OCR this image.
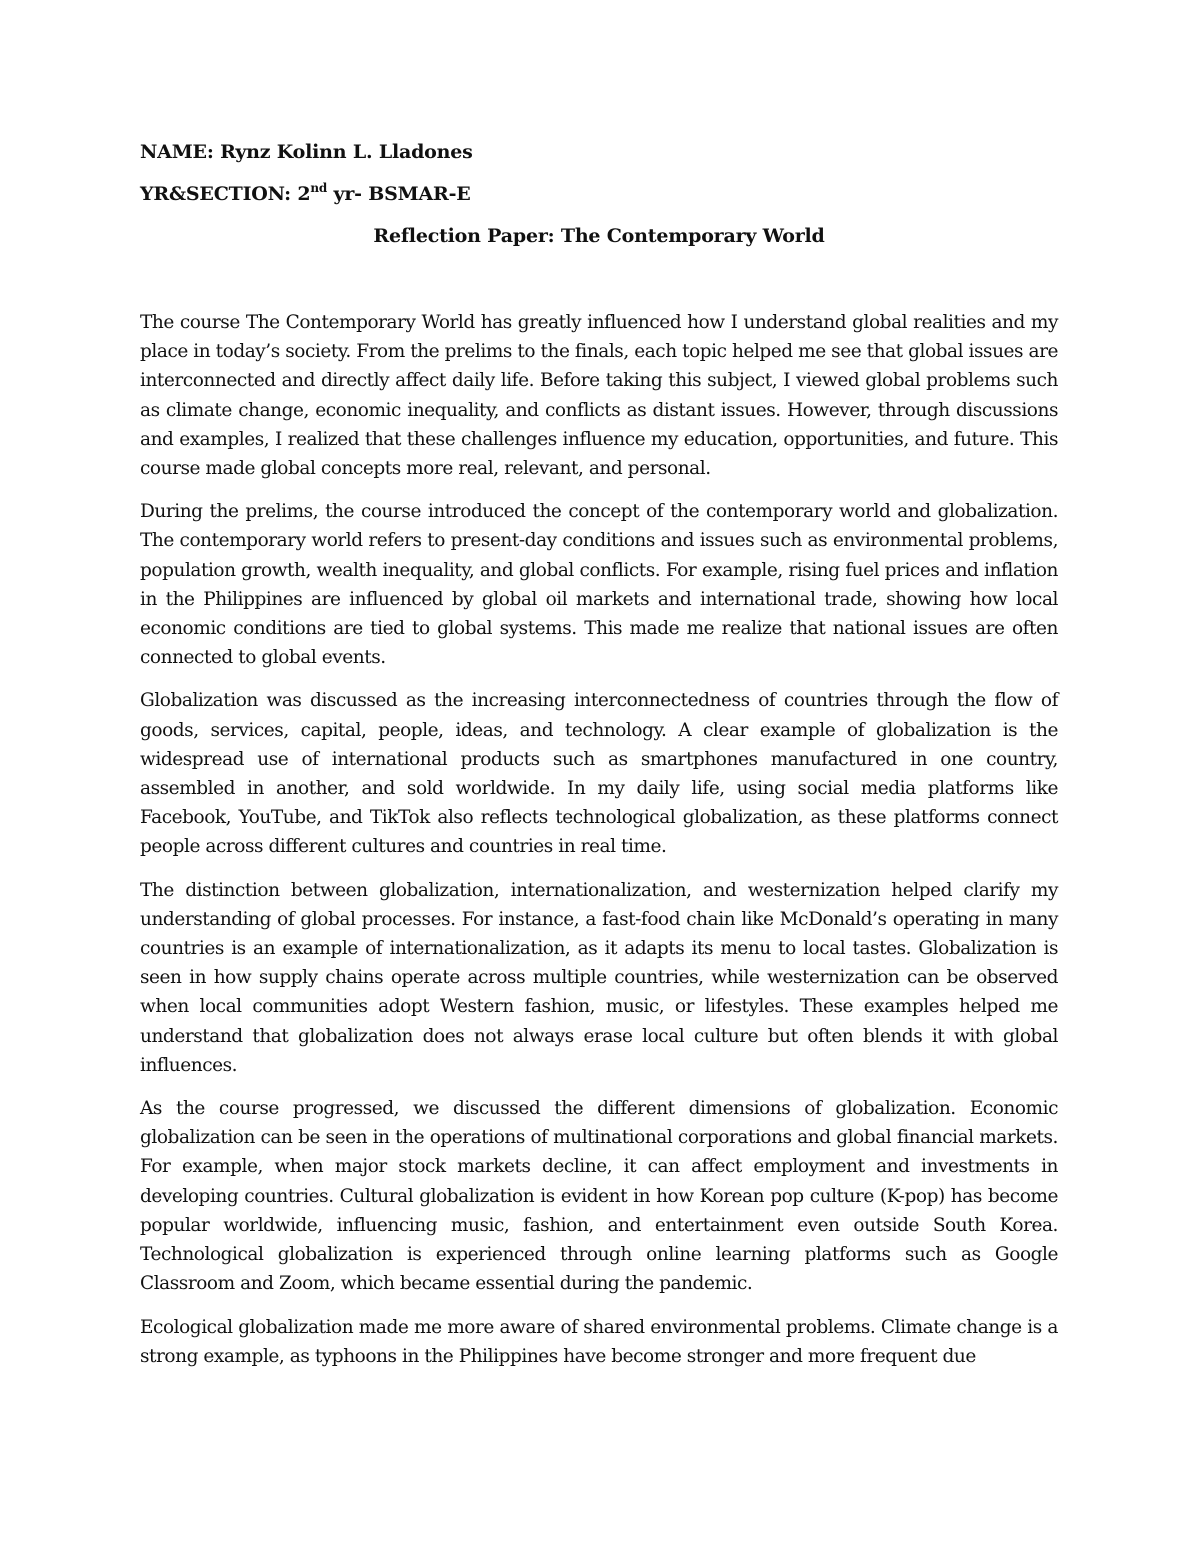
NAME: Rynz Kolinn L. Lladones

YR&SECTION: 2nd yr- BSMAR-E

Reflection Paper: The Contemporary World

The course The Contemporary World has greatly influenced how I understand global realities and my place in today’s society. From the prelims to the finals, each topic helped me see that global issues are interconnected and directly affect daily life. Before taking this subject, I viewed global problems such as climate change, economic inequality, and conflicts as distant issues. However, through discussions and examples, I realized that these challenges influence my education, opportunities, and future. This course made global concepts more real, relevant, and personal.

During the prelims, the course introduced the concept of the contemporary world and globalization. The contemporary world refers to present-day conditions and issues such as environmental problems, population growth, wealth inequality, and global conflicts. For example, rising fuel prices and inflation in the Philippines are influenced by global oil markets and international trade, showing how local economic conditions are tied to global systems. This made me realize that national issues are often connected to global events.

Globalization was discussed as the increasing interconnectedness of countries through the flow of goods, services, capital, people, ideas, and technology. A clear example of globalization is the widespread use of international products such as smartphones manufactured in one country, assembled in another, and sold worldwide. In my daily life, using social media platforms like Facebook, YouTube, and TikTok also reflects technological globalization, as these platforms connect people across different cultures and countries in real time.

The distinction between globalization, internationalization, and westernization helped clarify my understanding of global processes. For instance, a fast-food chain like McDonald’s operating in many countries is an example of internationalization, as it adapts its menu to local tastes. Globalization is seen in how supply chains operate across multiple countries, while westernization can be observed when local communities adopt Western fashion, music, or lifestyles. These examples helped me understand that globalization does not always erase local culture but often blends it with global influences.

As the course progressed, we discussed the different dimensions of globalization. Economic globalization can be seen in the operations of multinational corporations and global financial markets. For example, when major stock markets decline, it can affect employment and investments in developing countries. Cultural globalization is evident in how Korean pop culture (K-pop) has become popular worldwide, influencing music, fashion, and entertainment even outside South Korea. Technological globalization is experienced through online learning platforms such as Google Classroom and Zoom, which became essential during the pandemic.

Ecological globalization made me more aware of shared environmental problems. Climate change is a strong example, as typhoons in the Philippines have become stronger and more frequent due
